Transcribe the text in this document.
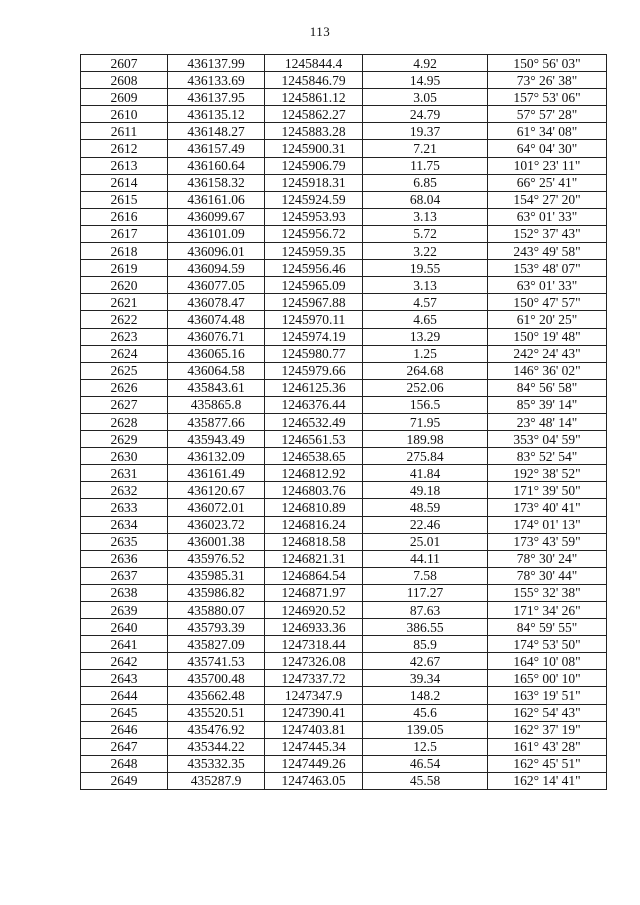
113
2607	436137.99	1245844.4	4.92	150° 56' 03"
2608	436133.69	1245846.79	14.95	73° 26' 38"
2609	436137.95	1245861.12	3.05	157° 53' 06"
2610	436135.12	1245862.27	24.79	57° 57' 28"
2611	436148.27	1245883.28	19.37	61° 34' 08"
2612	436157.49	1245900.31	7.21	64° 04' 30"
2613	436160.64	1245906.79	11.75	101° 23' 11"
2614	436158.32	1245918.31	6.85	66° 25' 41"
2615	436161.06	1245924.59	68.04	154° 27' 20"
2616	436099.67	1245953.93	3.13	63° 01' 33"
2617	436101.09	1245956.72	5.72	152° 37' 43"
2618	436096.01	1245959.35	3.22	243° 49' 58"
2619	436094.59	1245956.46	19.55	153° 48' 07"
2620	436077.05	1245965.09	3.13	63° 01' 33"
2621	436078.47	1245967.88	4.57	150° 47' 57"
2622	436074.48	1245970.11	4.65	61° 20' 25"
2623	436076.71	1245974.19	13.29	150° 19' 48"
2624	436065.16	1245980.77	1.25	242° 24' 43"
2625	436064.58	1245979.66	264.68	146° 36' 02"
2626	435843.61	1246125.36	252.06	84° 56' 58"
2627	435865.8	1246376.44	156.5	85° 39' 14"
2628	435877.66	1246532.49	71.95	23° 48' 14"
2629	435943.49	1246561.53	189.98	353° 04' 59"
2630	436132.09	1246538.65	275.84	83° 52' 54"
2631	436161.49	1246812.92	41.84	192° 38' 52"
2632	436120.67	1246803.76	49.18	171° 39' 50"
2633	436072.01	1246810.89	48.59	173° 40' 41"
2634	436023.72	1246816.24	22.46	174° 01' 13"
2635	436001.38	1246818.58	25.01	173° 43' 59"
2636	435976.52	1246821.31	44.11	78° 30' 24"
2637	435985.31	1246864.54	7.58	78° 30' 44"
2638	435986.82	1246871.97	117.27	155° 32' 38"
2639	435880.07	1246920.52	87.63	171° 34' 26"
2640	435793.39	1246933.36	386.55	84° 59' 55"
2641	435827.09	1247318.44	85.9	174° 53' 50"
2642	435741.53	1247326.08	42.67	164° 10' 08"
2643	435700.48	1247337.72	39.34	165° 00' 10"
2644	435662.48	1247347.9	148.2	163° 19' 51"
2645	435520.51	1247390.41	45.6	162° 54' 43"
2646	435476.92	1247403.81	139.05	162° 37' 19"
2647	435344.22	1247445.34	12.5	161° 43' 28"
2648	435332.35	1247449.26	46.54	162° 45' 51"
2649	435287.9	1247463.05	45.58	162° 14' 41"
